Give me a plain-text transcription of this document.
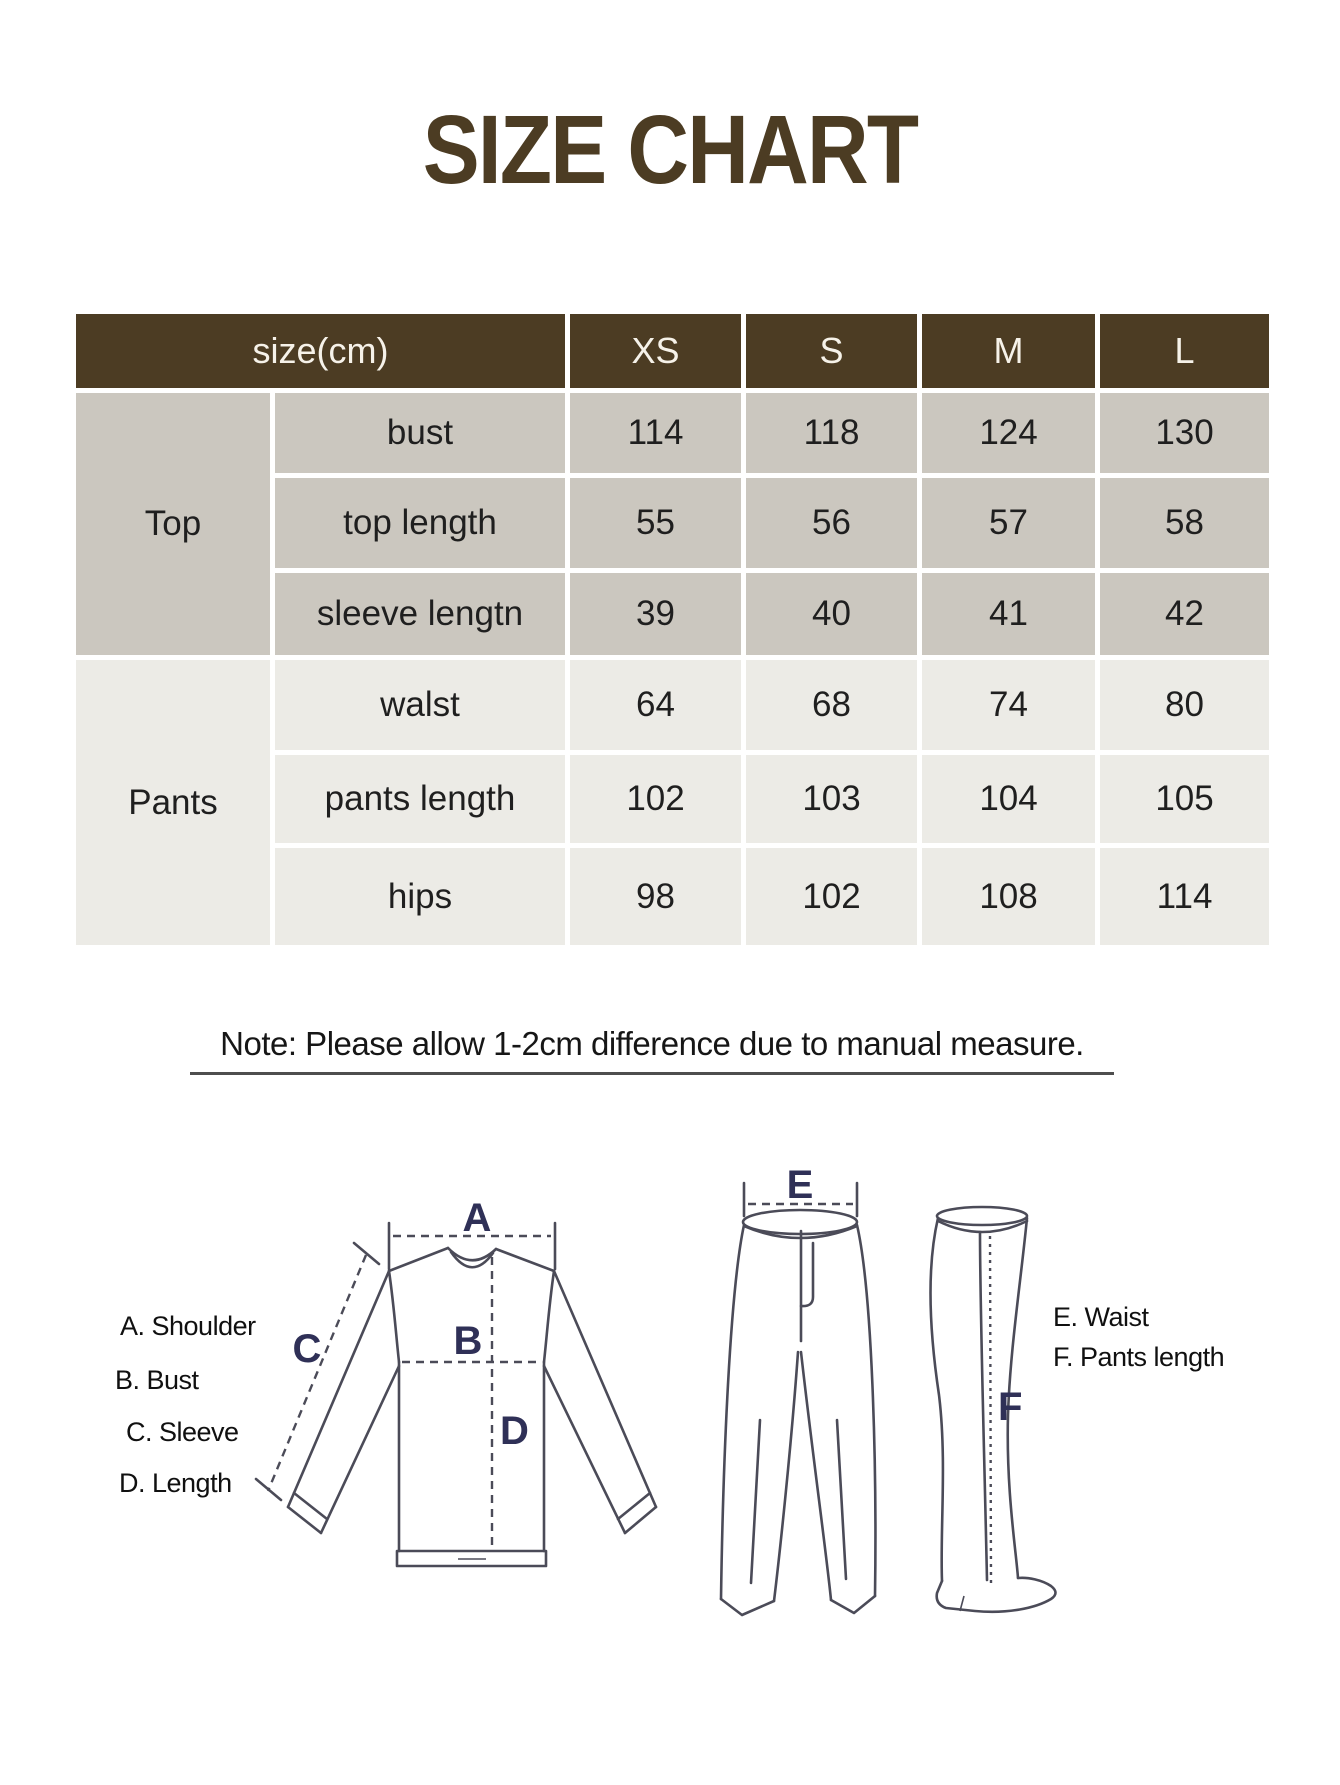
SIZE CHART
size(cm)		XS	S	M	L
Top	bust	114	118	124	130
	top length	55	56	57	58
	sleeve lengtn	39	40	41	42
Pants	walst	64	68	74	80
	pants length	102	103	104	105
	hips	98	102	108	114
Note: Please allow 1-2cm difference due to manual measure.
A. Shoulder
B. Bust
C. Sleeve
D. Length
E. Waist
F. Pants length
A
B
C
D
E
F
